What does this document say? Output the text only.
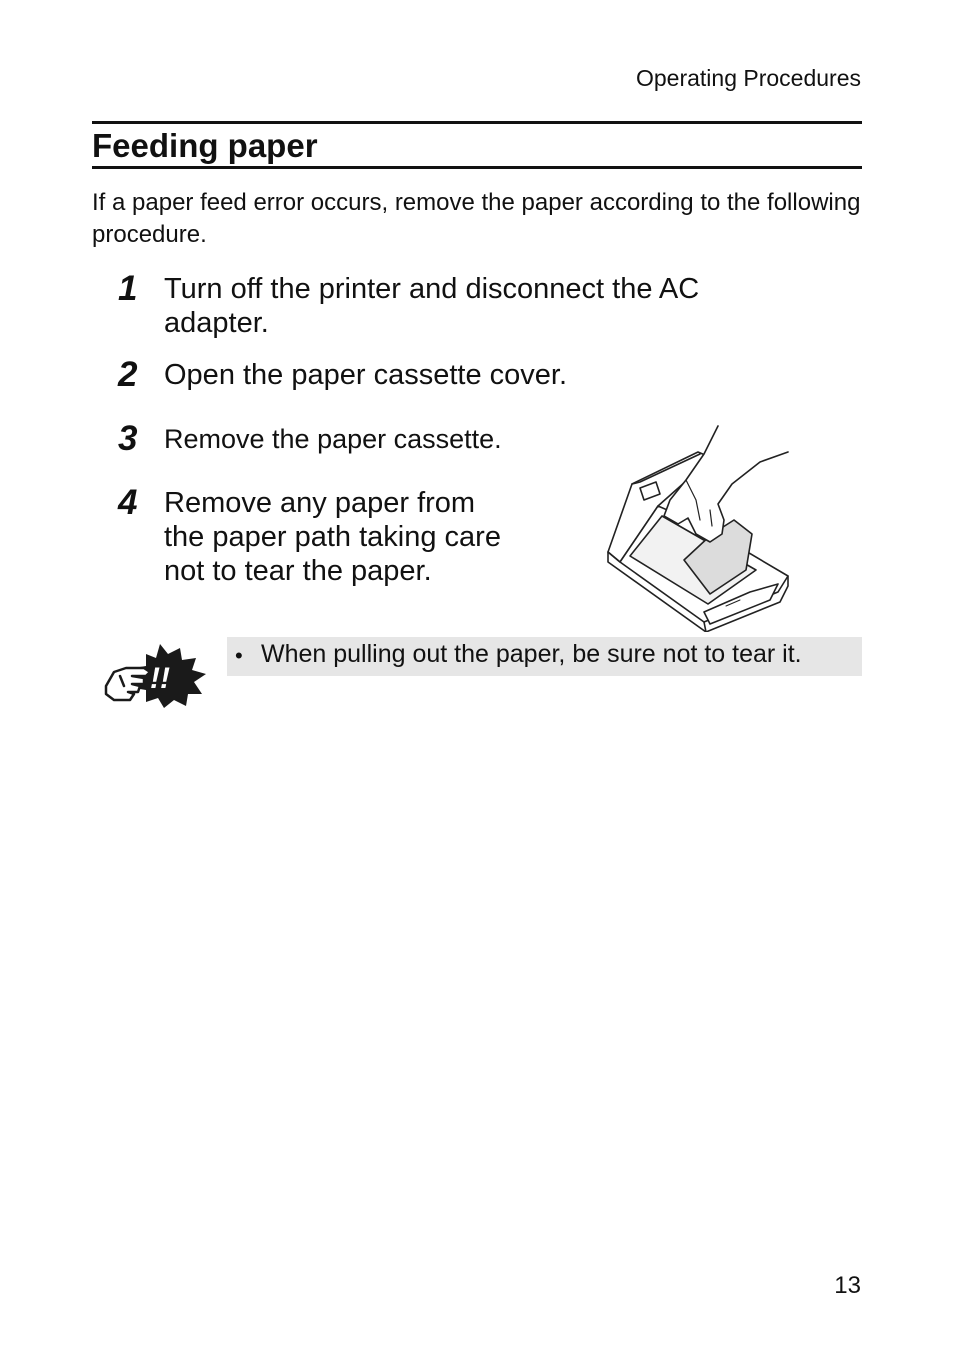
Operating Procedures
Feeding paper

If a paper feed error occurs, remove the paper according to the following procedure.

1 Turn off the printer and disconnect the AC
adapter.
2 Open the paper cassette cover.
3 Remove the paper cassette.
4 Remove any paper from
the paper path taking care
not to tear the paper.
!!
• When pulling out the paper, be sure not to tear it.
13
